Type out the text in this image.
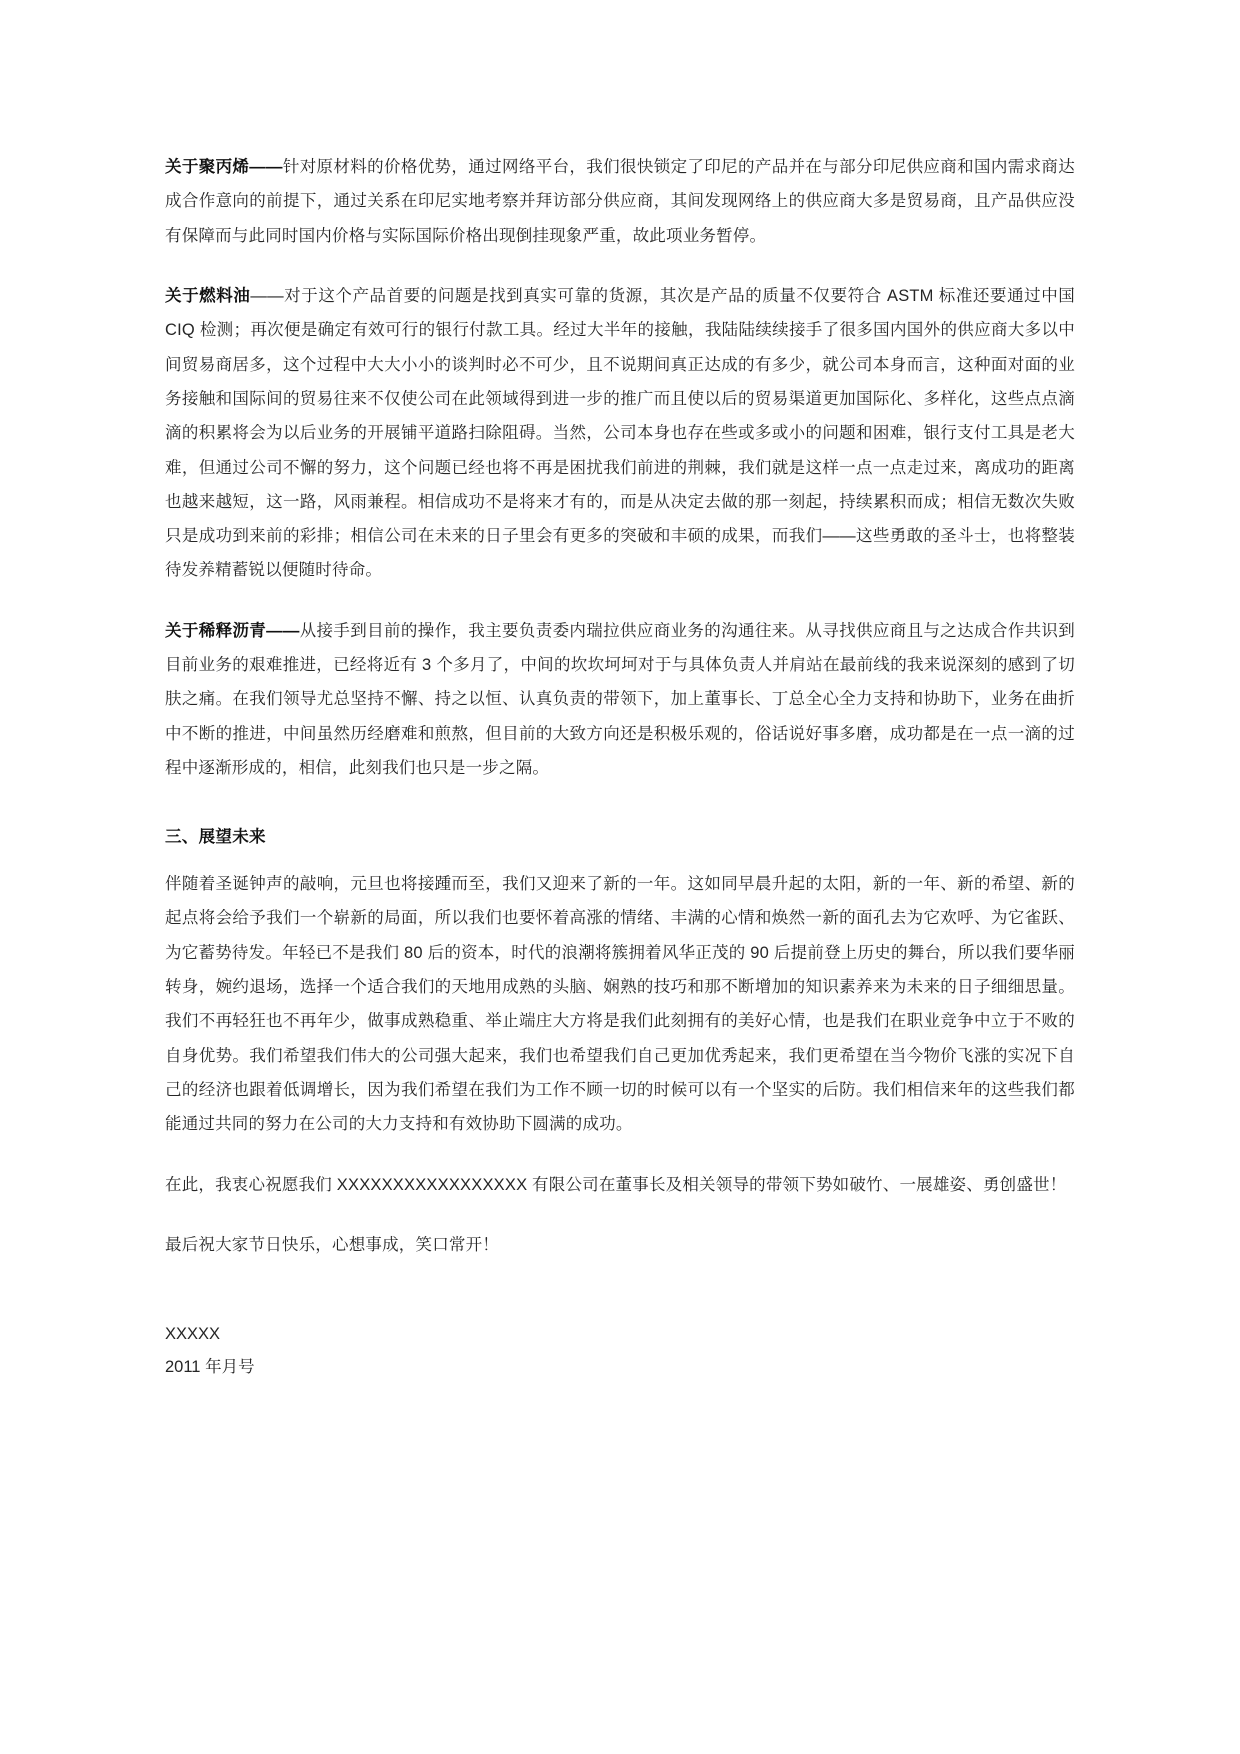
关于聚丙烯——针对原材料的价格优势，通过网络平台，我们很快锁定了印尼的产品并在与部分印尼供应商和国内需求商达成合作意向的前提下，通过关系在印尼实地考察并拜访部分供应商，其间发现网络上的供应商大多是贸易商，且产品供应没有保障而与此同时国内价格与实际国际价格出现倒挂现象严重，故此项业务暂停。

关于燃料油——对于这个产品首要的问题是找到真实可靠的货源，其次是产品的质量不仅要符合 ASTM 标准还要通过中国 CIQ 检测；再次便是确定有效可行的银行付款工具。经过大半年的接触，我陆陆续续接手了很多国内国外的供应商大多以中间贸易商居多，这个过程中大大小小的谈判时必不可少，且不说期间真正达成的有多少，就公司本身而言，这种面对面的业务接触和国际间的贸易往来不仅使公司在此领域得到进一步的推广而且使以后的贸易渠道更加国际化、多样化，这些点点滴滴的积累将会为以后业务的开展铺平道路扫除阻碍。当然，公司本身也存在些或多或小的问题和困难，银行支付工具是老大难，但通过公司不懈的努力，这个问题已经也将不再是困扰我们前进的荆棘，我们就是这样一点一点走过来，离成功的距离也越来越短，这一路，风雨兼程。相信成功不是将来才有的，而是从决定去做的那一刻起，持续累积而成；相信无数次失败只是成功到来前的彩排；相信公司在未来的日子里会有更多的突破和丰硕的成果，而我们——这些勇敢的圣斗士，也将整装待发养精蓄锐以便随时待命。

关于稀释沥青——从接手到目前的操作，我主要负责委内瑞拉供应商业务的沟通往来。从寻找供应商且与之达成合作共识到目前业务的艰难推进，已经将近有 3 个多月了，中间的坎坎坷坷对于与具体负责人并肩站在最前线的我来说深刻的感到了切肤之痛。在我们领导尤总坚持不懈、持之以恒、认真负责的带领下，加上董事长、丁总全心全力支持和协助下，业务在曲折中不断的推进，中间虽然历经磨难和煎熬，但目前的大致方向还是积极乐观的，俗话说好事多磨，成功都是在一点一滴的过程中逐渐形成的，相信，此刻我们也只是一步之隔。

三、展望未来

伴随着圣诞钟声的敲响，元旦也将接踵而至，我们又迎来了新的一年。这如同早晨升起的太阳，新的一年、新的希望、新的起点将会给予我们一个崭新的局面，所以我们也要怀着高涨的情绪、丰满的心情和焕然一新的面孔去为它欢呼、为它雀跃、为它蓄势待发。年轻已不是我们 80 后的资本，时代的浪潮将簇拥着风华正茂的 90 后提前登上历史的舞台，所以我们要华丽转身，婉约退场，选择一个适合我们的天地用成熟的头脑、娴熟的技巧和那不断增加的知识素养来为未来的日子细细思量。我们不再轻狂也不再年少，做事成熟稳重、举止端庄大方将是我们此刻拥有的美好心情，也是我们在职业竞争中立于不败的自身优势。我们希望我们伟大的公司强大起来，我们也希望我们自己更加优秀起来，我们更希望在当今物价飞涨的实况下自己的经济也跟着低调增长，因为我们希望在我们为工作不顾一切的时候可以有一个坚实的后防。我们相信来年的这些我们都能通过共同的努力在公司的大力支持和有效协助下圆满的成功。

在此，我衷心祝愿我们 XXXXXXXXXXXXXXXXX 有限公司在董事长及相关领导的带领下势如破竹、一展雄姿、勇创盛世！

最后祝大家节日快乐，心想事成，笑口常开！

XXXXX
2011 年月号
